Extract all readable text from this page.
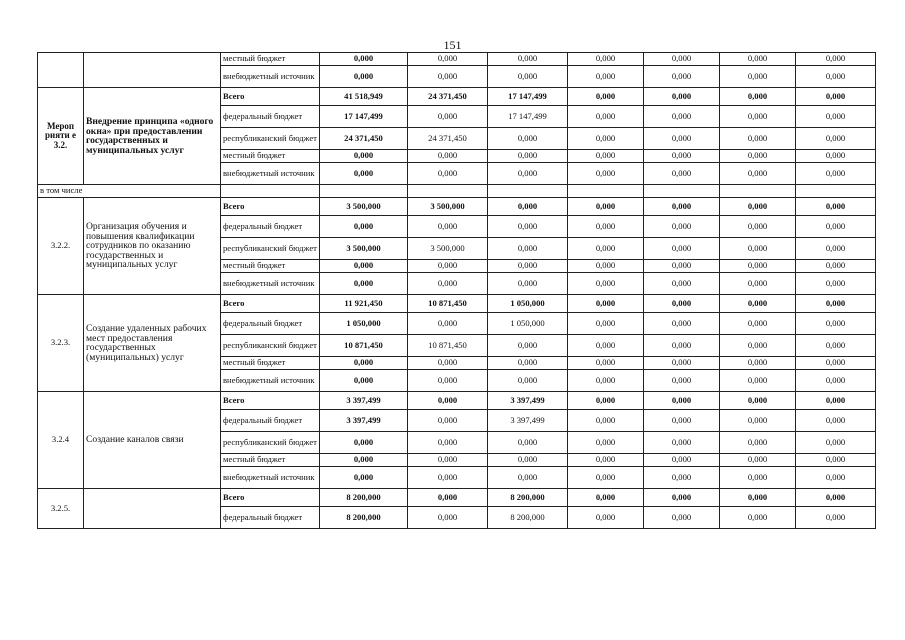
151
		местный бюджет	0,000	0,000	0,000	0,000	0,000	0,000	0,000
		внебюджетный источник	0,000	0,000	0,000	0,000	0,000	0,000	0,000
Мероп рияти е 3.2.	Внедрение принципа «одного окна» при предоставлении государственных и муниципальных услуг	Всего	41 518,949	24 371,450	17 147,499	0,000	0,000	0,000	0,000
		федеральный бюджет	17 147,499	0,000	17 147,499	0,000	0,000	0,000	0,000
		республиканский бюджет	24 371,450	24 371,450	0,000	0,000	0,000	0,000	0,000
		местный бюджет	0,000	0,000	0,000	0,000	0,000	0,000	0,000
		внебюджетный источник	0,000	0,000	0,000	0,000	0,000	0,000	0,000
в том числе									
3.2.2.	Организация обучения и повышения квалификации сотрудников по оказанию государственных и муниципальных услуг	Всего	3 500,000	3 500,000	0,000	0,000	0,000	0,000	0,000
		федеральный бюджет	0,000	0,000	0,000	0,000	0,000	0,000	0,000
		республиканский бюджет	3 500,000	3 500,000	0,000	0,000	0,000	0,000	0,000
		местный бюджет	0,000	0,000	0,000	0,000	0,000	0,000	0,000
		внебюджетный источник	0,000	0,000	0,000	0,000	0,000	0,000	0,000
3.2.3.	Создание удаленных рабочих мест предоставления государственных (муниципальных) услуг	Всего	11 921,450	10 871,450	1 050,000	0,000	0,000	0,000	0,000
		федеральный бюджет	1 050,000	0,000	1 050,000	0,000	0,000	0,000	0,000
		республиканский бюджет	10 871,450	10 871,450	0,000	0,000	0,000	0,000	0,000
		местный бюджет	0,000	0,000	0,000	0,000	0,000	0,000	0,000
		внебюджетный источник	0,000	0,000	0,000	0,000	0,000	0,000	0,000
3.2.4	Создание каналов связи	Всего	3 397,499	0,000	3 397,499	0,000	0,000	0,000	0,000
		федеральный бюджет	3 397,499	0,000	3 397,499	0,000	0,000	0,000	0,000
		республиканский бюджет	0,000	0,000	0,000	0,000	0,000	0,000	0,000
		местный бюджет	0,000	0,000	0,000	0,000	0,000	0,000	0,000
		внебюджетный источник	0,000	0,000	0,000	0,000	0,000	0,000	0,000
3.2.5.		Всего	8 200,000	0,000	8 200,000	0,000	0,000	0,000	0,000
		федеральный бюджет	8 200,000	0,000	8 200,000	0,000	0,000	0,000	0,000
